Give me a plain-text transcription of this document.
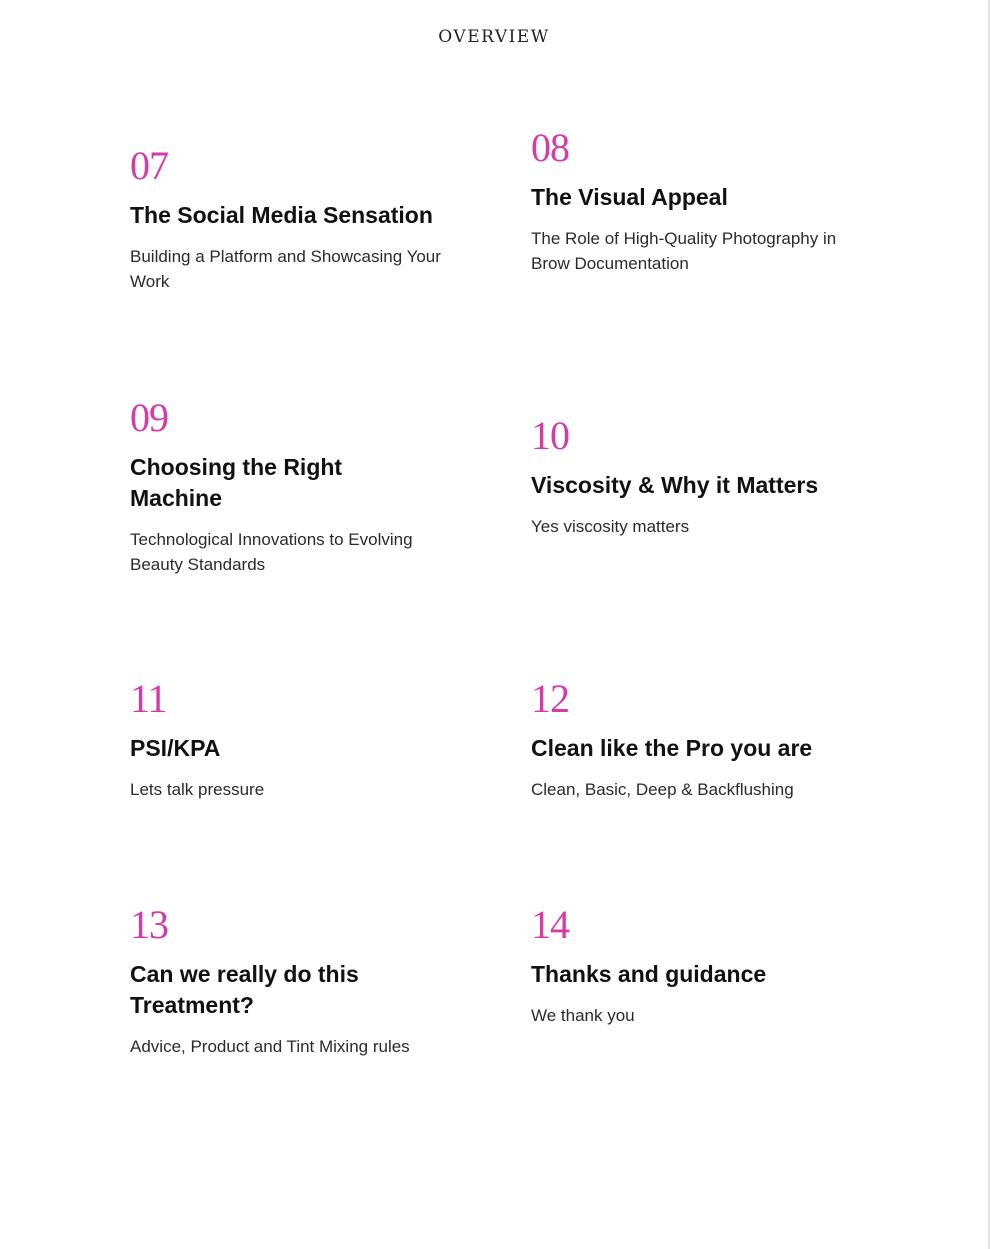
OVERVIEW
07
The Social Media Sensation
Building a Platform and Showcasing Your Work
08
The Visual Appeal
The Role of High-Quality Photography in Brow Documentation
09
Choosing the Right Machine
Technological Innovations to Evolving Beauty Standards
10
Viscosity & Why it Matters
Yes viscosity matters
11
PSI/KPA
Lets talk pressure
12
Clean like the Pro you are
Clean, Basic, Deep & Backflushing
13
Can we really do this Treatment?
Advice, Product and Tint Mixing rules
14
Thanks and guidance
We thank you
